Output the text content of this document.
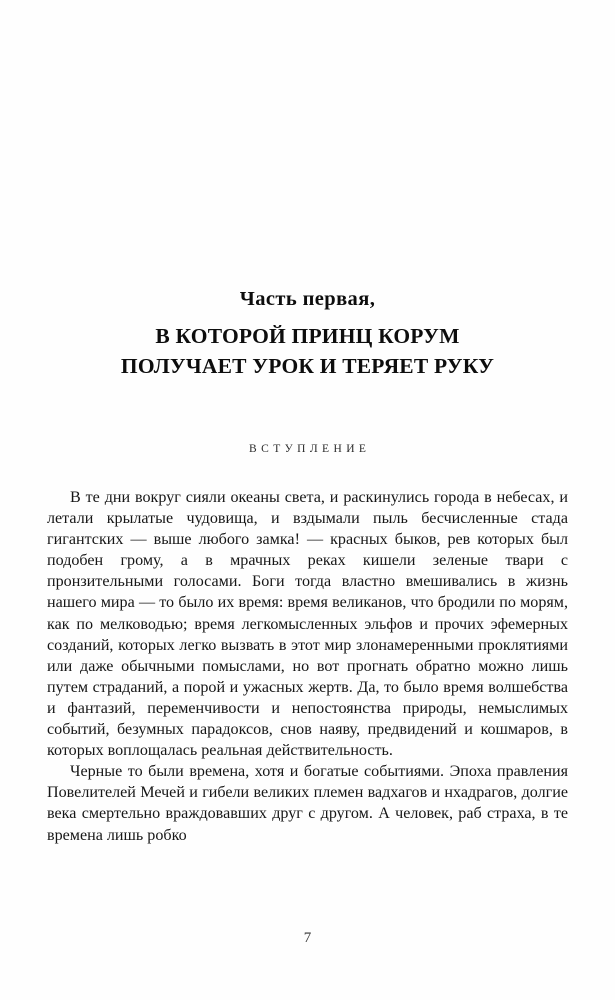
Часть первая,
В КОТОРОЙ ПРИНЦ КОРУМ
ПОЛУЧАЕТ УРОК И ТЕРЯЕТ РУКУ
ВСТУПЛЕНИЕ

В те дни вокруг сияли океаны света, и раскинулись города в небесах, и летали крылатые чудовища, и вздымали пыль бесчисленные стада гигантских — выше любого замка! — красных быков, рев которых был подобен грому, а в мрачных реках кишели зеленые твари с пронзительными голосами. Боги тогда властно вмешивались в жизнь нашего мира — то было их время: время великанов, что бродили по морям, как по мелководью; время легкомысленных эльфов и прочих эфемерных созданий, которых легко вызвать в этот мир злонамеренными проклятиями или даже обычными помыслами, но вот прогнать обратно можно лишь путем страданий, а порой и ужасных жертв. Да, то было время волшебства и фантазий, переменчивости и непостоянства природы, немыслимых событий, безумных парадоксов, снов наяву, предвидений и кошмаров, в которых воплощалась реальная действительность.

Черные то были времена, хотя и богатые событиями. Эпоха правления Повелителей Мечей и гибели великих племен вадхагов и нхадрагов, долгие века смертельно враждовавших друг с другом. А человек, раб страха, в те времена лишь робко

7
